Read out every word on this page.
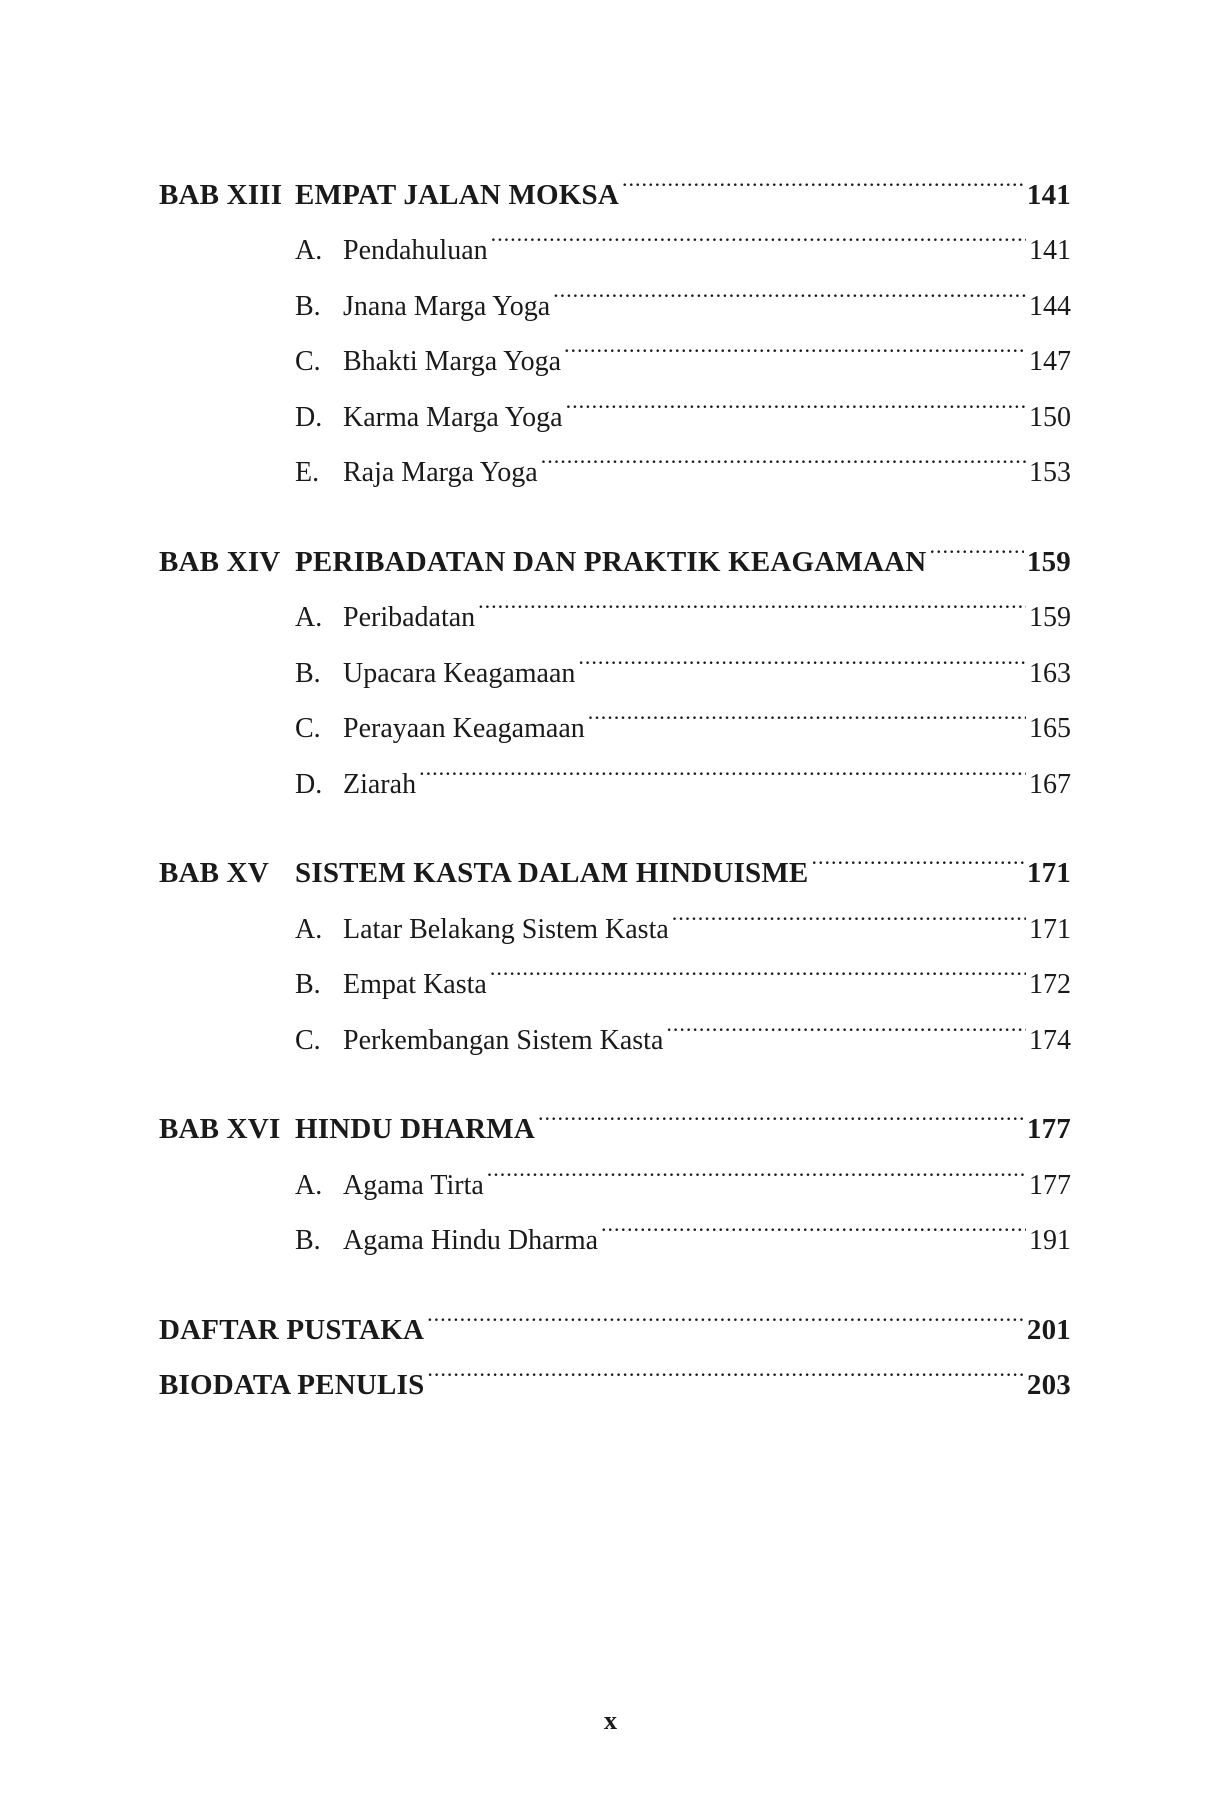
BAB XIII EMPAT JALAN MOKSA .....	141
A. Pendahuluan .....	141
B. Jnana Marga Yoga .....	144
C. Bhakti Marga Yoga .....	147
D. Karma Marga Yoga .....	150
E. Raja Marga Yoga .....	153
BAB XIV PERIBADATAN DAN PRAKTIK KEAGAMAAN .....	159
A. Peribadatan .....	159
B. Upacara Keagamaan .....	163
C. Perayaan Keagamaan .....	165
D. Ziarah .....	167
BAB XV SISTEM KASTA DALAM HINDUISME .....	171
A. Latar Belakang Sistem Kasta .....	171
B. Empat Kasta .....	172
C. Perkembangan Sistem Kasta .....	174
BAB XVI HINDU DHARMA .....	177
A. Agama Tirta .....	177
B. Agama Hindu Dharma .....	191
DAFTAR PUSTAKA .....	201
BIODATA PENULIS .....	203
x
